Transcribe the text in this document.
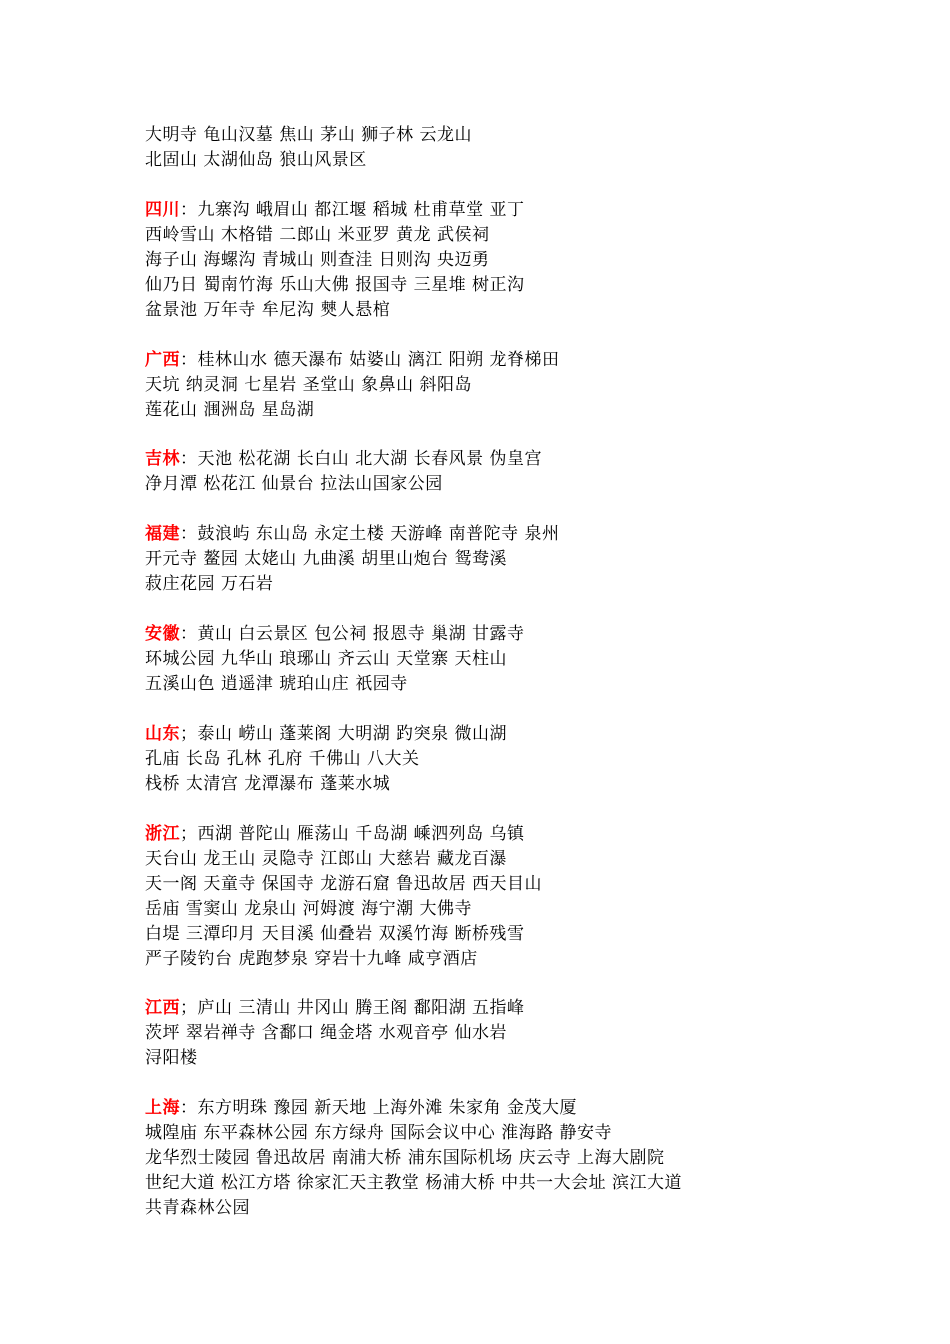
大明寺 龟山汉墓 焦山 茅山 狮子林 云龙山
北固山 太湖仙岛 狼山风景区
四川：九寨沟 峨眉山 都江堰 稻城 杜甫草堂 亚丁
西岭雪山 木格错 二郎山 米亚罗 黄龙 武侯祠
海子山 海螺沟 青城山 则查洼 日则沟 央迈勇
仙乃日 蜀南竹海 乐山大佛 报国寺 三星堆 树正沟
盆景池 万年寺 牟尼沟 僰人悬棺
广西：桂林山水 德天瀑布 姑婆山 漓江 阳朔 龙脊梯田
天坑 纳灵洞 七星岩 圣堂山 象鼻山 斜阳岛
莲花山 涠洲岛 星岛湖
吉林：天池 松花湖 长白山 北大湖 长春风景 伪皇宫
净月潭 松花江 仙景台 拉法山国家公园
福建：鼓浪屿 东山岛 永定土楼 天游峰 南普陀寺 泉州
开元寺 鳌园 太姥山 九曲溪 胡里山炮台 鸳鸯溪
菽庄花园 万石岩
安徽：黄山 白云景区 包公祠 报恩寺 巢湖 甘露寺
环城公园 九华山 琅琊山 齐云山 天堂寨 天柱山
五溪山色 逍遥津 琥珀山庄 祇园寺
山东；泰山 崂山 蓬莱阁 大明湖 趵突泉 微山湖
孔庙 长岛 孔林 孔府 千佛山 八大关
栈桥 太清宫 龙潭瀑布 蓬莱水城
浙江；西湖 普陀山 雁荡山 千岛湖 嵊泗列岛 乌镇
天台山 龙王山 灵隐寺 江郎山 大慈岩 藏龙百瀑
天一阁 天童寺 保国寺 龙游石窟 鲁迅故居 西天目山
岳庙 雪窦山 龙泉山 河姆渡 海宁潮 大佛寺
白堤 三潭印月 天目溪 仙叠岩 双溪竹海 断桥残雪
严子陵钓台 虎跑梦泉 穿岩十九峰 咸亨酒店
江西；庐山 三清山 井冈山 腾王阁 鄱阳湖 五指峰
茨坪 翠岩禅寺 含鄱口 绳金塔 水观音亭 仙水岩
浔阳楼
上海：东方明珠 豫园 新天地 上海外滩 朱家角 金茂大厦
城隍庙 东平森林公园 东方绿舟 国际会议中心 淮海路 静安寺
龙华烈士陵园 鲁迅故居 南浦大桥 浦东国际机场 庆云寺 上海大剧院
世纪大道 松江方塔 徐家汇天主教堂 杨浦大桥 中共一大会址 滨江大道
共青森林公园
